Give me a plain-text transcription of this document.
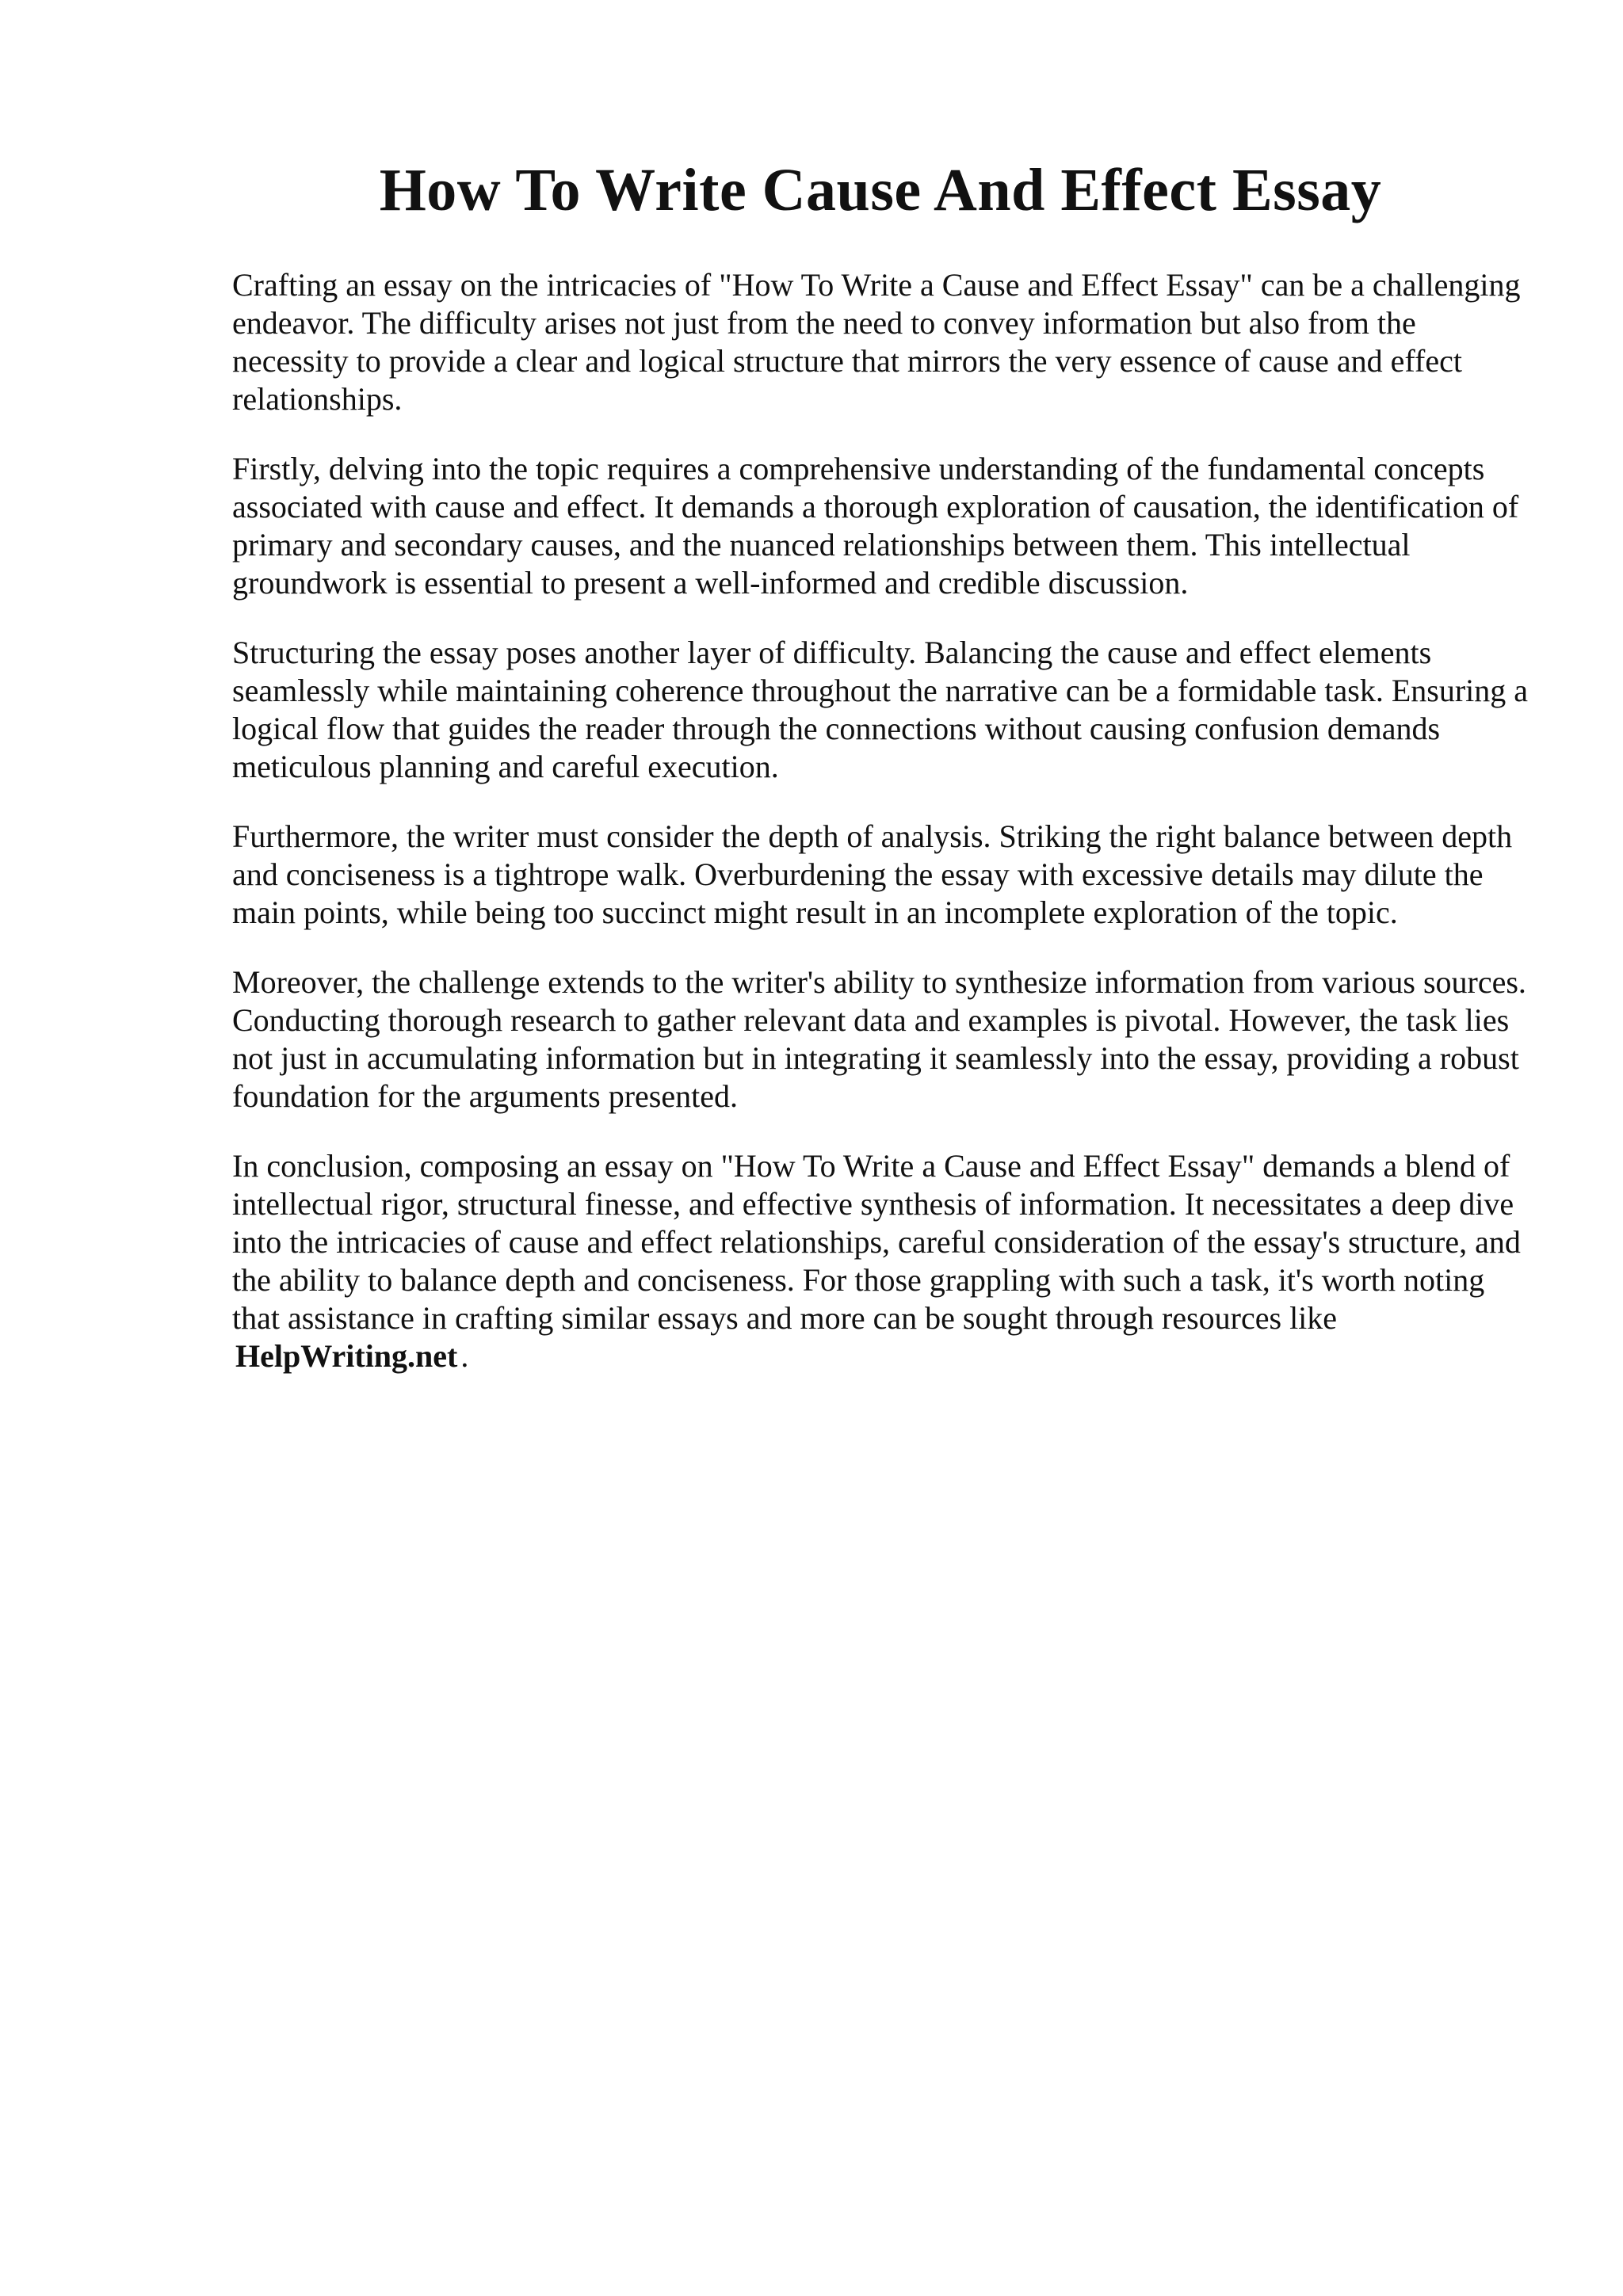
How To Write Cause And Effect Essay

Crafting an essay on the intricacies of "How To Write a Cause and Effect Essay" can be a challenging endeavor. The difficulty arises not just from the need to convey information but also from the necessity to provide a clear and logical structure that mirrors the very essence of cause and effect relationships.

Firstly, delving into the topic requires a comprehensive understanding of the fundamental concepts associated with cause and effect. It demands a thorough exploration of causation, the identification of primary and secondary causes, and the nuanced relationships between them. This intellectual groundwork is essential to present a well-informed and credible discussion.

Structuring the essay poses another layer of difficulty. Balancing the cause and effect elements seamlessly while maintaining coherence throughout the narrative can be a formidable task. Ensuring a logical flow that guides the reader through the connections without causing confusion demands meticulous planning and careful execution.

Furthermore, the writer must consider the depth of analysis. Striking the right balance between depth and conciseness is a tightrope walk. Overburdening the essay with excessive details may dilute the main points, while being too succinct might result in an incomplete exploration of the topic.

Moreover, the challenge extends to the writer's ability to synthesize information from various sources. Conducting thorough research to gather relevant data and examples is pivotal. However, the task lies not just in accumulating information but in integrating it seamlessly into the essay, providing a robust foundation for the arguments presented.

In conclusion, composing an essay on "How To Write a Cause and Effect Essay" demands a blend of intellectual rigor, structural finesse, and effective synthesis of information. It necessitates a deep dive into the intricacies of cause and effect relationships, careful consideration of the essay's structure, and the ability to balance depth and conciseness. For those grappling with such a task, it's worth noting that assistance in crafting similar essays and more can be sought through resources like HelpWriting.net .
